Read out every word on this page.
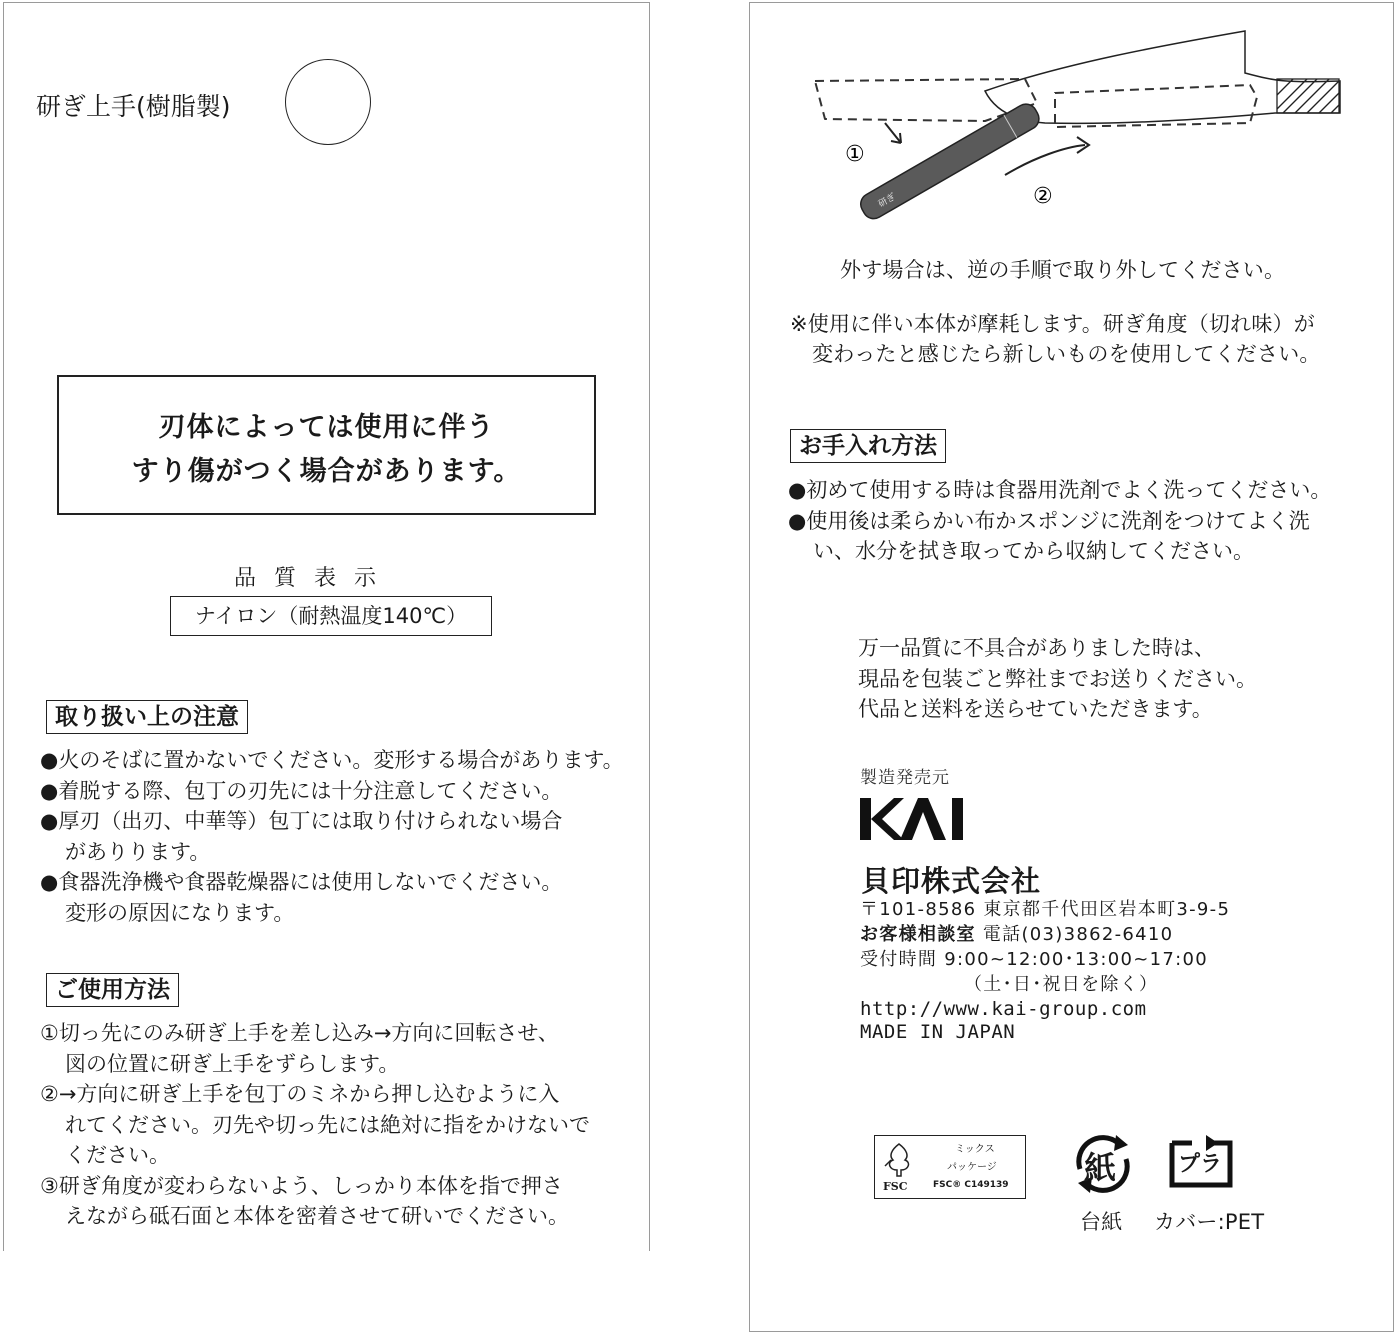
研ぎ上手(樹脂製)
刃体によっては使用に伴う
すり傷がつく場合があります。
品質表示
ナイロン（耐熱温度140℃）
取り扱い上の注意
●火のそばに置かないでください。変形する場合があります。
●着脱する際、包丁の刃先には十分注意してください。
●厚刃（出刃、中華等）包丁には取り付けられない場合
がありります。
●食器洗浄機や食器乾燥器には使用しないでください。
変形の原因になります。
ご使用方法
①切っ先にのみ研ぎ上手を差し込み→方向に回転させ、
図の位置に研ぎ上手をずらします。
②→方向に研ぎ上手を包丁のミネから押し込むように入
れてください。刃先や切っ先には絶対に指をかけないで
ください。
③研ぎ角度が変わらないよう、しっかり本体を指で押さ
えながら砥石面と本体を密着させて研いでください。
研ぎ
①
②
外す場合は、逆の手順で取り外してください。
※使用に伴い本体が摩耗します。研ぎ角度（切れ味）が
変わったと感じたら新しいものを使用してください。
お手入れ方法
●初めて使用する時は食器用洗剤でよく洗ってください。
●使用後は柔らかい布かスポンジに洗剤をつけてよく洗
い、水分を拭き取ってから収納してください。
万一品質に不具合がありました時は、
現品を包装ごと弊社までお送りください。
代品と送料を送らせていただきます。
製造発売元
貝印株式会社
〒101-8586 東京都千代田区岩本町3-9-5
お客様相談室 電話(03)3862-6410
受付時間 9:00~12:00･13:00~17:00
（土･日･祝日を除く）
http://www.kai-group.com
MADE IN JAPAN
FSC
ミックス
パッケージ
FSC® C149139 紙	プラ
台紙 カバー:PET
